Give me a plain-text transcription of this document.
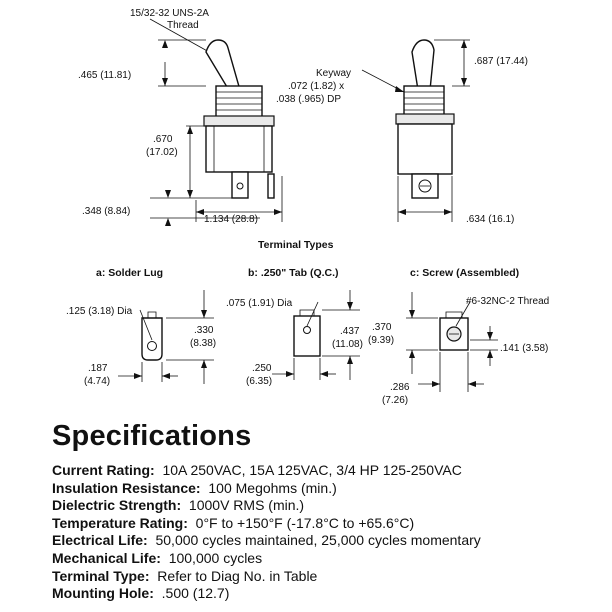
15/32-32 UNS-2A
Thread
.465 (11.81)
.670
(17.02)
.348 (8.84)
1.134 (28.8)
Keyway
.072 (1.82) x
.038 (.965) DP
.687 (17.44)
.634 (16.1)
Terminal Types
a: Solder Lug
.125 (3.18) Dia
.330
(8.38)
.187
(4.74)
b: .250" Tab (Q.C.)
.075 (1.91) Dia
.437
(11.08)
.250
(6.35)
c: Screw (Assembled)
#6-32NC-2 Thread
.370
(9.39)
.141 (3.58)
.286
(7.26)
Specifications
Current Rating: 10A 250VAC, 15A 125VAC, 3/4 HP 125-250VAC
Insulation Resistance: 100 Megohms (min.)
Dielectric Strength: 1000V RMS (min.)
Temperature Rating: 0°F to +150°F (-17.8°C to +65.6°C)
Electrical Life: 50,000 cycles maintained, 25,000 cycles momentary
Mechanical Life: 100,000 cycles
Terminal Type: Refer to Diag No. in Table
Mounting Hole: .500 (12.7)
